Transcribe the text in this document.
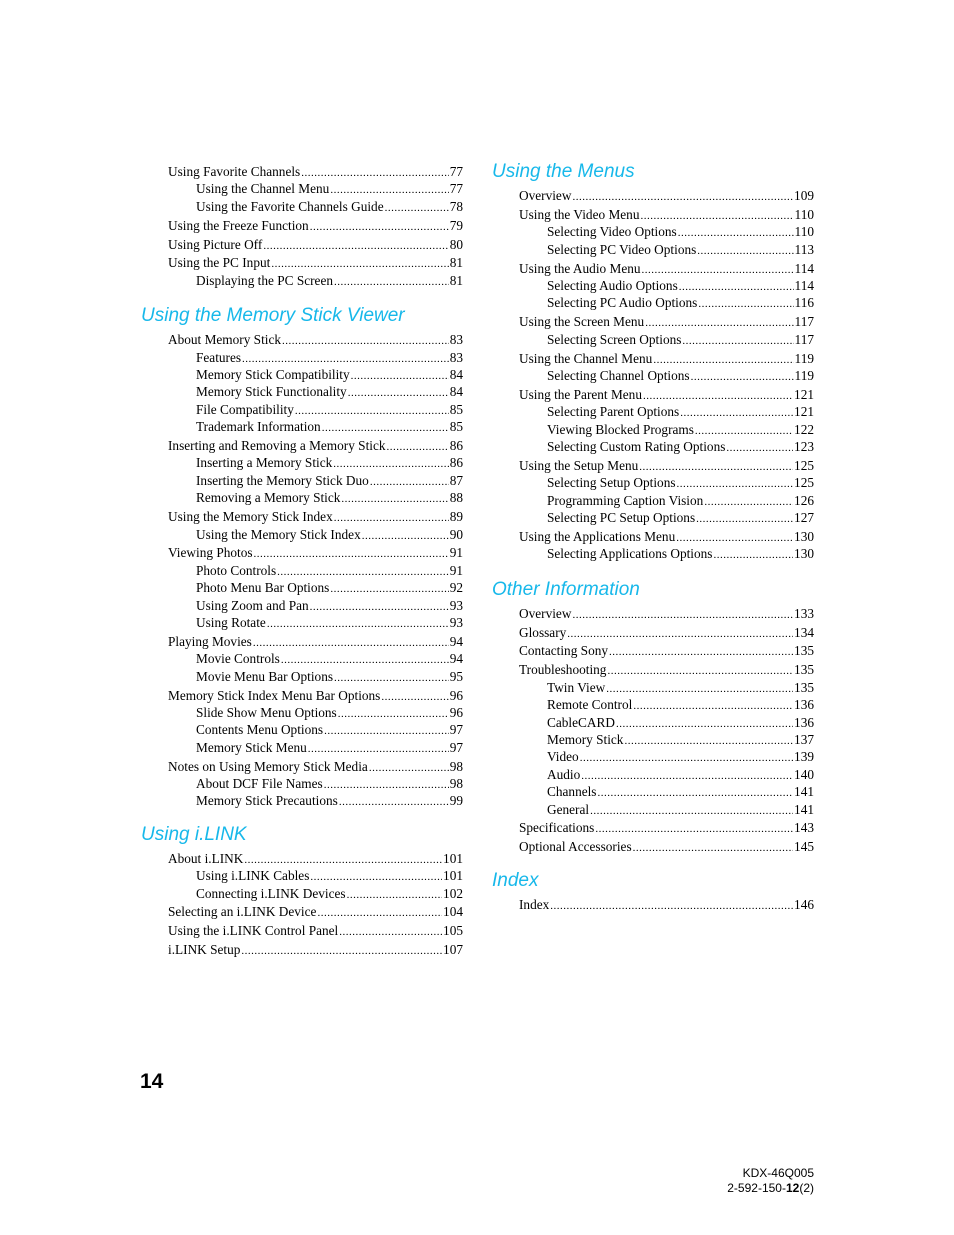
Using Favorite Channels .....	77
Using the Channel Menu .....	77
Using the Favorite Channels Guide .....	78
Using the Freeze Function .....	79
Using Picture Off .....	80
Using the PC Input .....	81
Displaying the PC Screen .....	81
Using the Memory Stick Viewer
About Memory Stick .....	83
Features .....	83
Memory Stick Compatibility .....	84
Memory Stick Functionality .....	84
File Compatibility .....	85
Trademark Information .....	85
Inserting and Removing a Memory Stick .....	86
Inserting a Memory Stick .....	86
Inserting the Memory Stick Duo .....	87
Removing a Memory Stick .....	88
Using the Memory Stick Index .....	89
Using the Memory Stick Index .....	90
Viewing Photos .....	91
Photo Controls .....	91
Photo Menu Bar Options .....	92
Using Zoom and Pan .....	93
Using Rotate .....	93
Playing Movies .....	94
Movie Controls .....	94
Movie Menu Bar Options .....	95
Memory Stick Index Menu Bar Options .....	96
Slide Show Menu Options .....	96
Contents Menu Options .....	97
Memory Stick Menu .....	97
Notes on Using Memory Stick Media .....	98
About DCF File Names .....	98
Memory Stick Precautions .....	99
Using i.LINK
About i.LINK .....	101
Using i.LINK Cables .....	101
Connecting i.LINK Devices .....	102
Selecting an i.LINK Device .....	104
Using the i.LINK Control Panel .....	105
i.LINK Setup .....	107
Using the Menus
Overview .....	109
Using the Video Menu .....	110
Selecting Video Options .....	110
Selecting PC Video Options .....	113
Using the Audio Menu .....	114
Selecting Audio Options .....	114
Selecting PC Audio Options .....	116
Using the Screen Menu .....	117
Selecting Screen Options .....	117
Using the Channel Menu .....	119
Selecting Channel Options .....	119
Using the Parent Menu .....	121
Selecting Parent Options .....	121
Viewing Blocked Programs .....	122
Selecting Custom Rating Options .....	123
Using the Setup Menu .....	125
Selecting Setup Options .....	125
Programming Caption Vision .....	126
Selecting PC Setup Options .....	127
Using the Applications Menu .....	130
Selecting Applications Options .....	130
Other Information
Overview .....	133
Glossary .....	134
Contacting Sony .....	135
Troubleshooting .....	135
Twin View .....	135
Remote Control .....	136
CableCARD .....	136
Memory Stick .....	137
Video .....	139
Audio .....	140
Channels .....	141
General .....	141
Specifications .....	143
Optional Accessories .....	145
Index
Index .....	146
14
KDX-46Q005
2-592-150-12(2)
